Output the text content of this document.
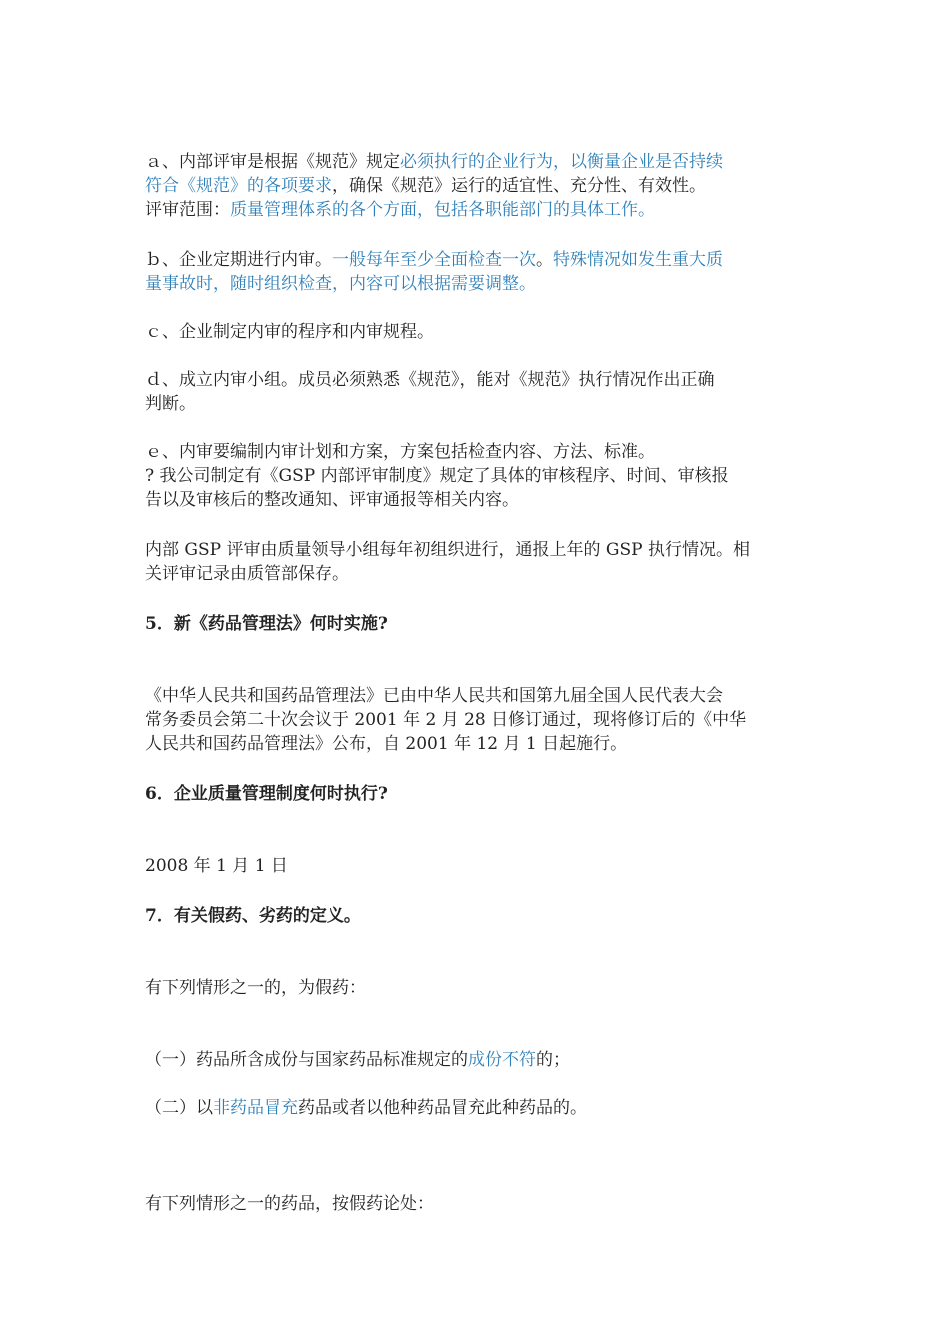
ａ、内部评审是根据《规范》规定必须执行的企业行为，以衡量企业是否持续
符合《规范》的各项要求，确保《规范》运行的适宜性、充分性、有效性。
评审范围：质量管理体系的各个方面，包括各职能部门的具体工作。
ｂ、企业定期进行内审。一般每年至少全面检查一次。特殊情况如发生重大质
量事故时，随时组织检查，内容可以根据需要调整。
ｃ、企业制定内审的程序和内审规程。
ｄ、成立内审小组。成员必须熟悉《规范》，能对《规范》执行情况作出正确
判断。
ｅ、内审要编制内审计划和方案，方案包括检查内容、方法、标准。
? 我公司制定有《GSP 内部评审制度》规定了具体的审核程序、时间、审核报
告以及审核后的整改通知、评审通报等相关内容。
内部 GSP 评审由质量领导小组每年初组织进行，通报上年的 GSP 执行情况。相
关评审记录由质管部保存。
5．新《药品管理法》何时实施?
《中华人民共和国药品管理法》已由中华人民共和国第九届全国人民代表大会
常务委员会第二十次会议于 2001 年 2 月 28 日修订通过，现将修订后的《中华
人民共和国药品管理法》公布，自 2001 年 12 月 1 日起施行。
6．企业质量管理制度何时执行?
2008 年 1 月 1 日
7．有关假药、劣药的定义。
有下列情形之一的，为假药：
（一）药品所含成份与国家药品标准规定的成份不符的；
（二）以非药品冒充药品或者以他种药品冒充此种药品的。
有下列情形之一的药品，按假药论处：
